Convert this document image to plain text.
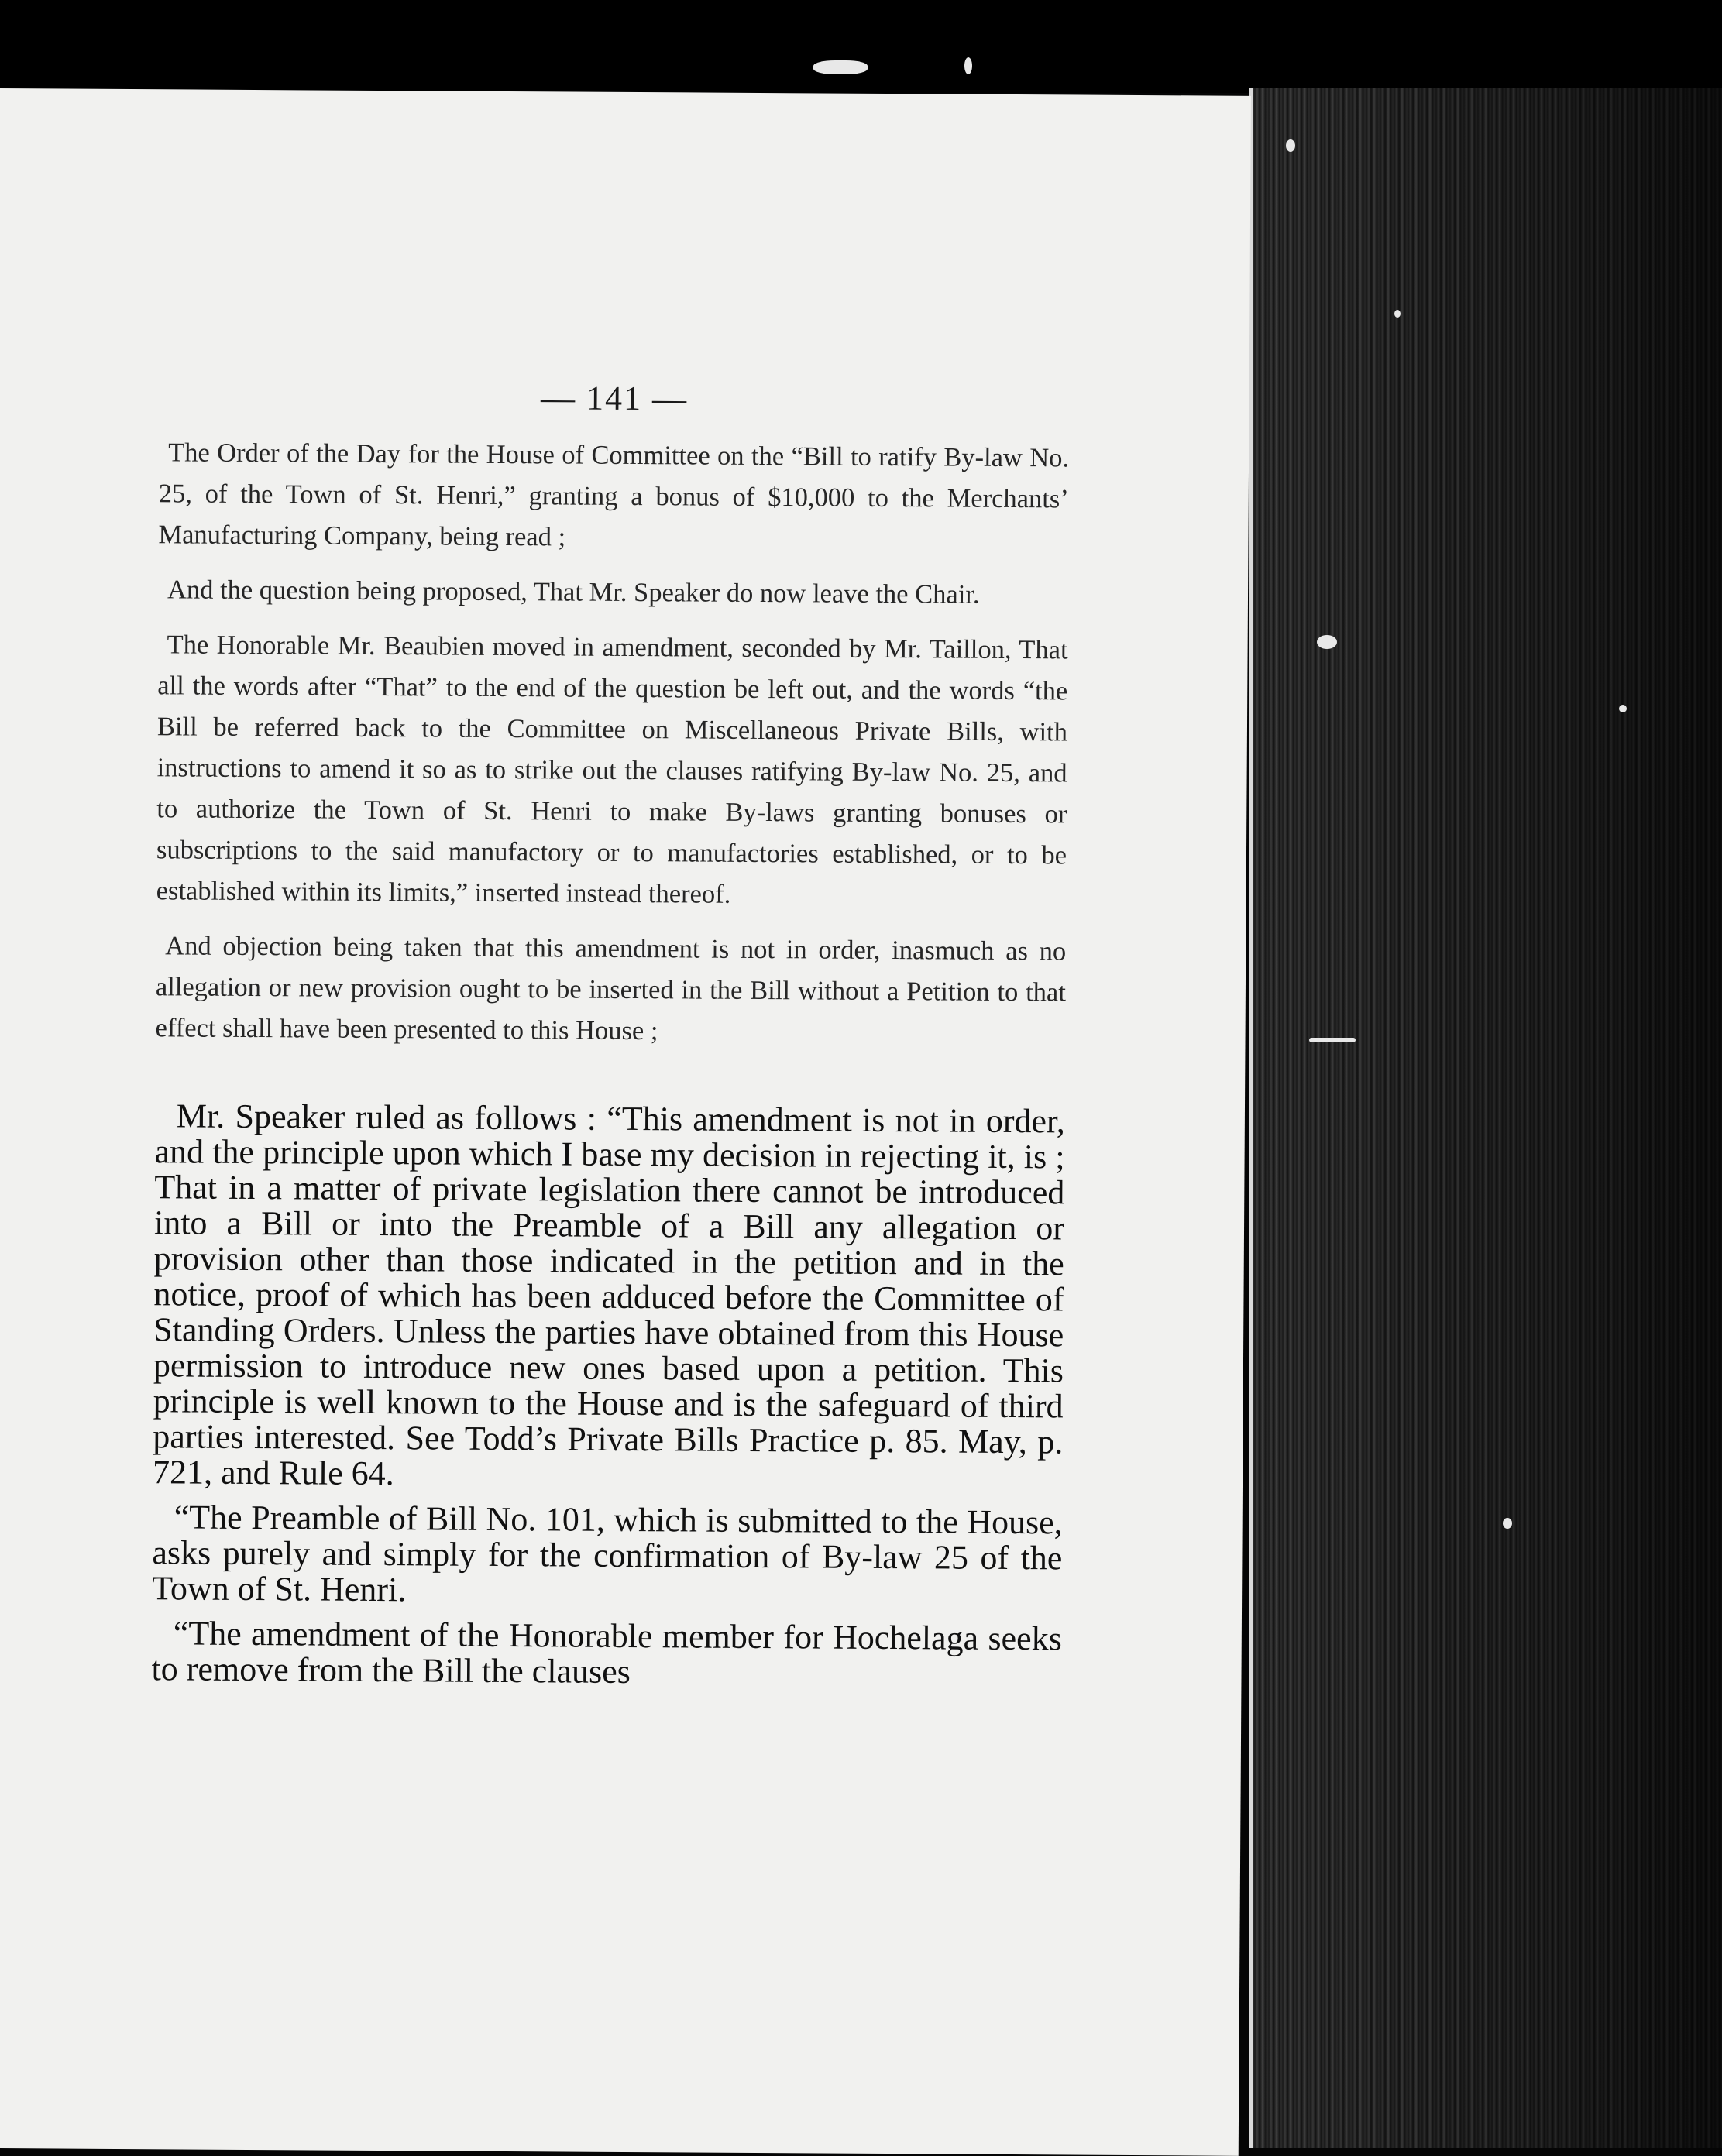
— 141 —

The Order of the Day for the House of Committee on the “Bill to ratify By-law No. 25, of the Town of St. Henri,” granting a bonus of $10,000 to the Merchants’ Manufacturing Company, being read ;

And the question being proposed, That Mr. Speaker do now leave the Chair.

The Honorable Mr. Beaubien moved in amendment, seconded by Mr. Taillon, That all the words after “That” to the end of the question be left out, and the words “the Bill be referred back to the Committee on Miscellaneous Private Bills, with instructions to amend it so as to strike out the clauses ratifying By-law No. 25, and to authorize the Town of St. Henri to make By-laws granting bonuses or subscriptions to the said manufactory or to manufactories established, or to be established within its limits,” inserted instead thereof.

And objection being taken that this amendment is not in order, inasmuch as no allegation or new provision ought to be inserted in the Bill without a Petition to that effect shall have been presented to this House ;

Mr. Speaker ruled as follows : “This amendment is not in order, and the principle upon which I base my decision in rejecting it, is ; That in a matter of private legislation there cannot be introduced into a Bill or into the Preamble of a Bill any allegation or provision other than those indicated in the petition and in the notice, proof of which has been adduced before the Committee of Standing Orders. Unless the parties have obtained from this House permission to introduce new ones based upon a petition. This principle is well known to the House and is the safeguard of third parties interested. See Todd’s Private Bills Practice p. 85. May, p. 721, and Rule 64.

“The Preamble of Bill No. 101, which is submitted to the House, asks purely and simply for the confirmation of By-law 25 of the Town of St. Henri.

“The amendment of the Honorable member for Hochelaga seeks to remove from the Bill the clauses
